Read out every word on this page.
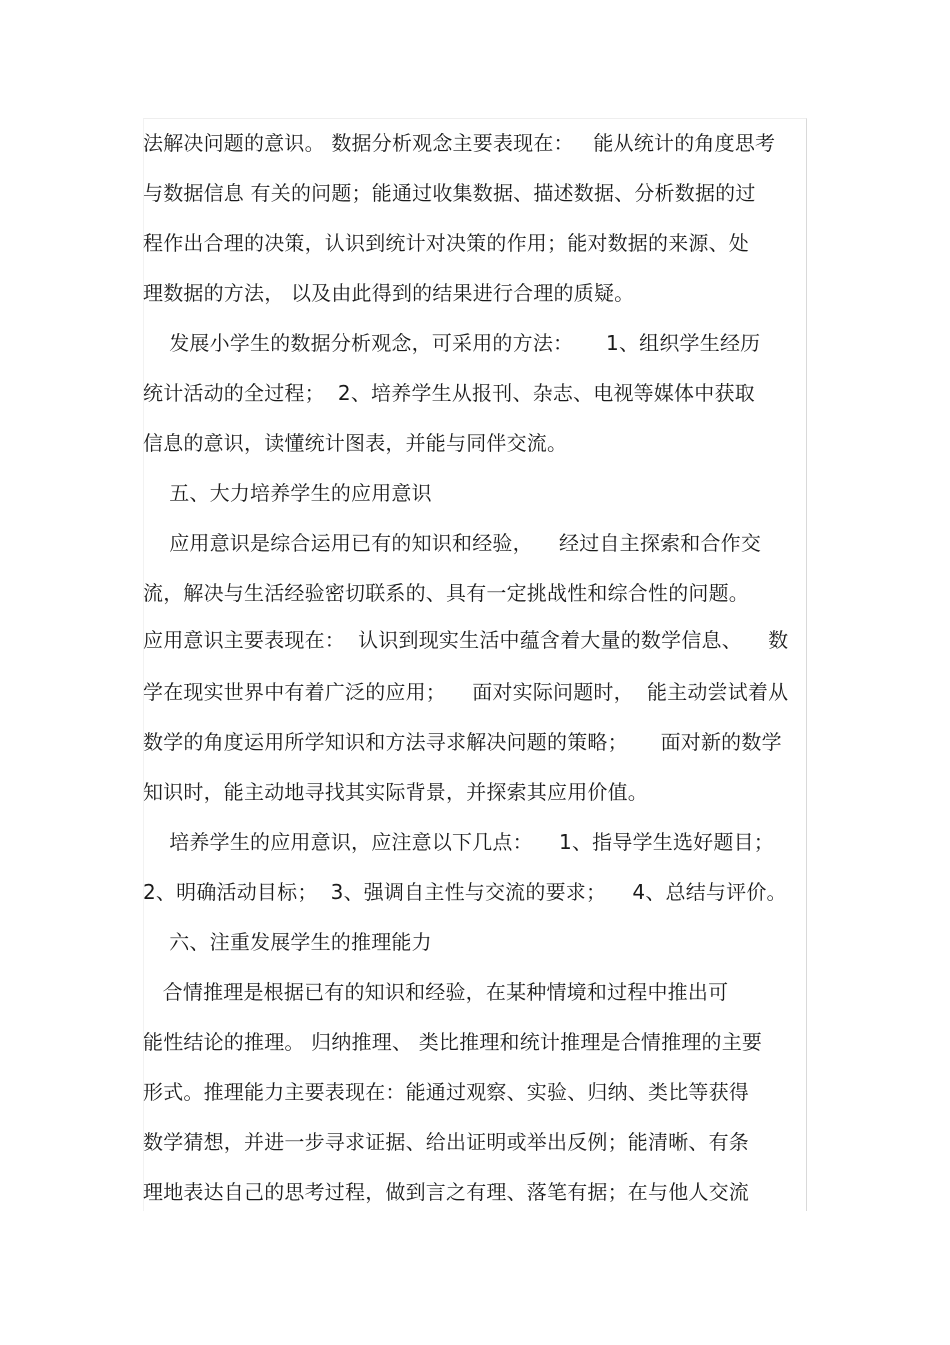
法解决问题的意识。 数据分析观念主要表现在：   能从统计的角度思考
与数据信息 有关的问题；能通过收集数据、描述数据、分析数据的过
程作出合理的决策，认识到统计对决策的作用；能对数据的来源、处
理数据的方法， 以及由此得到的结果进行合理的质疑。
发展小学生的数据分析观念，可采用的方法：     1、组织学生经历
统计活动的全过程；  2、培养学生从报刊、杂志、电视等媒体中获取
信息的意识，读懂统计图表，并能与同伴交流。
五、大力培养学生的应用意识
应用意识是综合运用已有的知识和经验，    经过自主探索和合作交
流，解决与生活经验密切联系的、具有一定挑战性和综合性的问题。
应用意识主要表现在：  认识到现实生活中蕴含着大量的数学信息、    数
学在现实世界中有着广泛的应用；    面对实际问题时，  能主动尝试着从
数学的角度运用所学知识和方法寻求解决问题的策略；     面对新的数学
知识时，能主动地寻找其实际背景，并探索其应用价值。
培养学生的应用意识，应注意以下几点：    1、指导学生选好题目；
2、明确活动目标；  3、强调自主性与交流的要求；    4、总结与评价。
六、注重发展学生的推理能力
合情推理是根据已有的知识和经验，在某种情境和过程中推出可
能性结论的推理。 归纳推理、 类比推理和统计推理是合情推理的主要
形式。推理能力主要表现在：能通过观察、实验、归纳、类比等获得
数学猜想，并进一步寻求证据、给出证明或举出反例；能清晰、有条
理地表达自己的思考过程，做到言之有理、落笔有据；在与他人交流
